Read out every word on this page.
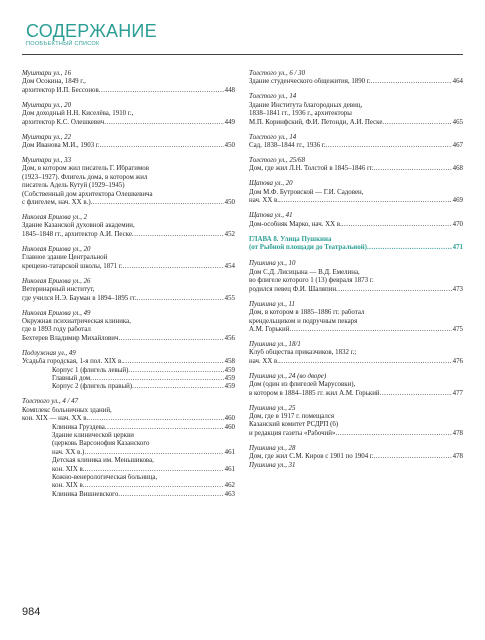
СОДЕРЖАНИЕ
ПООБЪЕКТНЫЙ СПИСОК
Муштари ул., 16
Дом Осокина, 1849 г.,
архитектор И.П. Бессонов . . .	448
Муштари ул., 20
Дом доходный Н.Н. Киселёва, 1910 г.,
архитектор К.С. Олешкевич . . .	449
Муштари ул., 22
Дом Иванова М.И., 1903 г. . . .	450
Муштари ул., 33
Дом, в котором жил писатель Г. Ибрагимов
(1923–1927). Флигель дома, в котором жил
писатель Адель Кутуй (1929–1945)
(Собственный дом архитектора Олешкевича
с флигелем, нач. XX в.) . . .	450
Николая Ершова ул., 2
Здание Казанской духовной академии,
1845–1848 гг., архитектор А.И. Песке . . .	452
Николая Ершова ул., 20
Главное здание Центральной
крещено-татарской школы, 1871 г. . . .	454
Николая Ершова ул., 26
Ветеринарный институт,
где учился Н.Э. Бауман в 1894–1895 гг. . . .	455
Николая Ершова ул., 49
Окружная психиатрическая клиника,
где в 1893 году работал
Бехтерев Владимир Михайлович . . .	456
Подлужная ул., 49
Усадьба городская, 1-я пол. XIX в. . . .	458
Корпус 1 (флигель левый) . . .	459
Главный дом . . .	459
Корпус 2 (флигель правый) . . .	459
Толстого ул., 4 / 47
Комплекс больничных зданий,
кон. XIX — нач. XX в. . . .	460
Клиника Груздева . . .	460
Здание клинической церкви
(церковь Варсонофия Казанского
нач. XX в.) . . .	461
Детская клиника им. Меньшикова,
кон. XIX в. . . .	461
Кожно-венерологическая больница,
кон. XIX в. . . .	462
Клиника Вишневского . . .	463
Толстого ул., 6 / 30
Здание студенческого общежития, 1890 г. . . .	464
Толстого ул., 14
Здание Института благородных девиц,
1838–1841 гг., 1936 г., архитекторы
М.П. Коринфский, Ф.И. Петонди, А.И. Песке . . .	465
Толстого ул., 14
Сад, 1838–1844 гг., 1936 г. . . .	467
Толстого ул., 25/68
Дом, где жил Л.Н. Толстой в 1845–1846 гг. . . .	468
Щапова ул., 20
Дом М.Ф. Бутровской — Г.И. Садовен,
нач. XX в. . . .	469
Щапова ул., 41
Дом-особняк Марко, нач. XX в. . . .	470
ГЛАВА 8. Улица Пушкина
(от Рыбной площади до Театральной) . . .	471
Пушкина ул., 10
Дом С.Д. Лисицына — В.Д. Емелина,
во флигеле которого 1 (13) февраля 1873 г.
родился певец Ф.И. Шаляпин . . .	473
Пушкина ул., 11
Дом, в котором в 1885–1886 гг. работал
крендельщиком и подручным пекаря
А.М. Горький . . .	475
Пушкина ул., 18/1
Клуб общества приказчиков, 1832 г.;
нач. XX в. . . .	476
Пушкина ул., 24 (во дворе)
Дом (один из флигелей Марусовки),
в котором в 1884–1885 гг. жил А.М. Горький . . .	477
Пушкина ул., 25
Дом, где в 1917 г. помещался
Казанский комитет РСДРП (б)
и редакция газеты «Рабочий» . . .	478
Пушкина ул., 28
Дом, где жил С.М. Киров с 1901 по 1904 г. . . .	478
Пушкина ул., 31
984
